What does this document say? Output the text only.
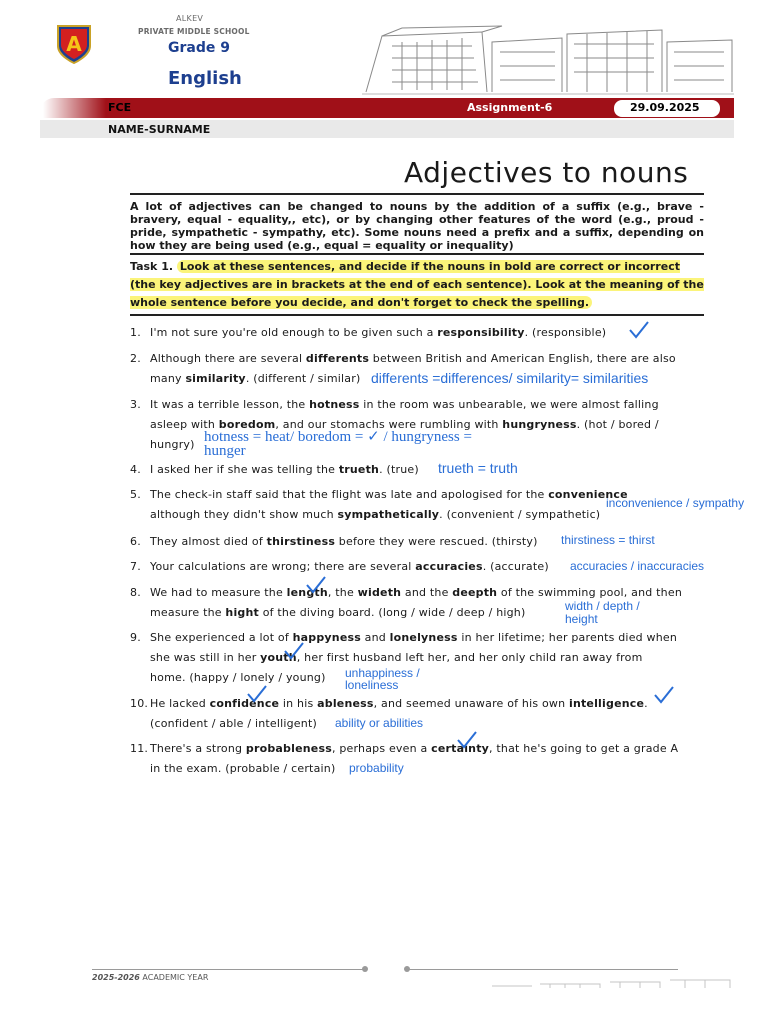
A
ALKEV
PRIVATE MIDDLE SCHOOL
Grade 9
English
FCE	Assignment-6	29.09.2025
NAME-SURNAME
Adjectives to nouns
A lot of adjectives can be changed to nouns by the addition of a suffix (e.g., brave - bravery, equal - equality,, etc), or by changing other features of the word (e.g., proud - pride, sympathetic - sympathy, etc). Some nouns need a prefix and a suffix, depending on how they are being used (e.g., equal = equality or inequality)
Task 1. Look at these sentences, and decide if the nouns in bold are correct or incorrect (the key adjectives are in brackets at the end of each sentence). Look at the meaning of the whole sentence before you decide, and don't forget to check the spelling.
1. I'm not sure you're old enough to be given such a responsibility. (responsible)
2. Although there are several differents between British and American English, there are also
many similarity. (different / similar)
3. It was a terrible lesson, the hotness in the room was unbearable, we were almost falling
asleep with boredom, and our stomachs were rumbling with hungryness. (hot / bored /
hungry)
4. I asked her if she was telling the trueth. (true)
5. The check-in staff said that the flight was late and apologised for the convenience
although they didn't show much sympathetically. (convenient / sympathetic)
6. They almost died of thirstiness before they were rescued. (thirsty)
7. Your calculations are wrong; there are several accuracies. (accurate)
8. We had to measure the length, the wideth and the deepth of the swimming pool, and then
measure the hight of the diving board. (long / wide / deep / high)
9. She experienced a lot of happyness and lonelyness in her lifetime; her parents died when
she was still in her youth, her first husband left her, and her only child ran away from
home. (happy / lonely / young)
10. He lacked confidence in his ableness, and seemed unaware of his own intelligence.
(confident / able / intelligent)
11. There's a strong probableness, perhaps even a certainty, that he's going to get a grade A
in the exam. (probable / certain)
differents =differences/ similarity= similarities
hotness = heat/ boredom = ✓ / hungryness =
hunger
trueth = truth
inconvenience / sympathy
thirstiness = thirst
accuracies / inaccuracies
width / depth /
height
unhappiness /
loneliness
ability or abilities
probability
2025-2026 ACADEMIC YEAR
